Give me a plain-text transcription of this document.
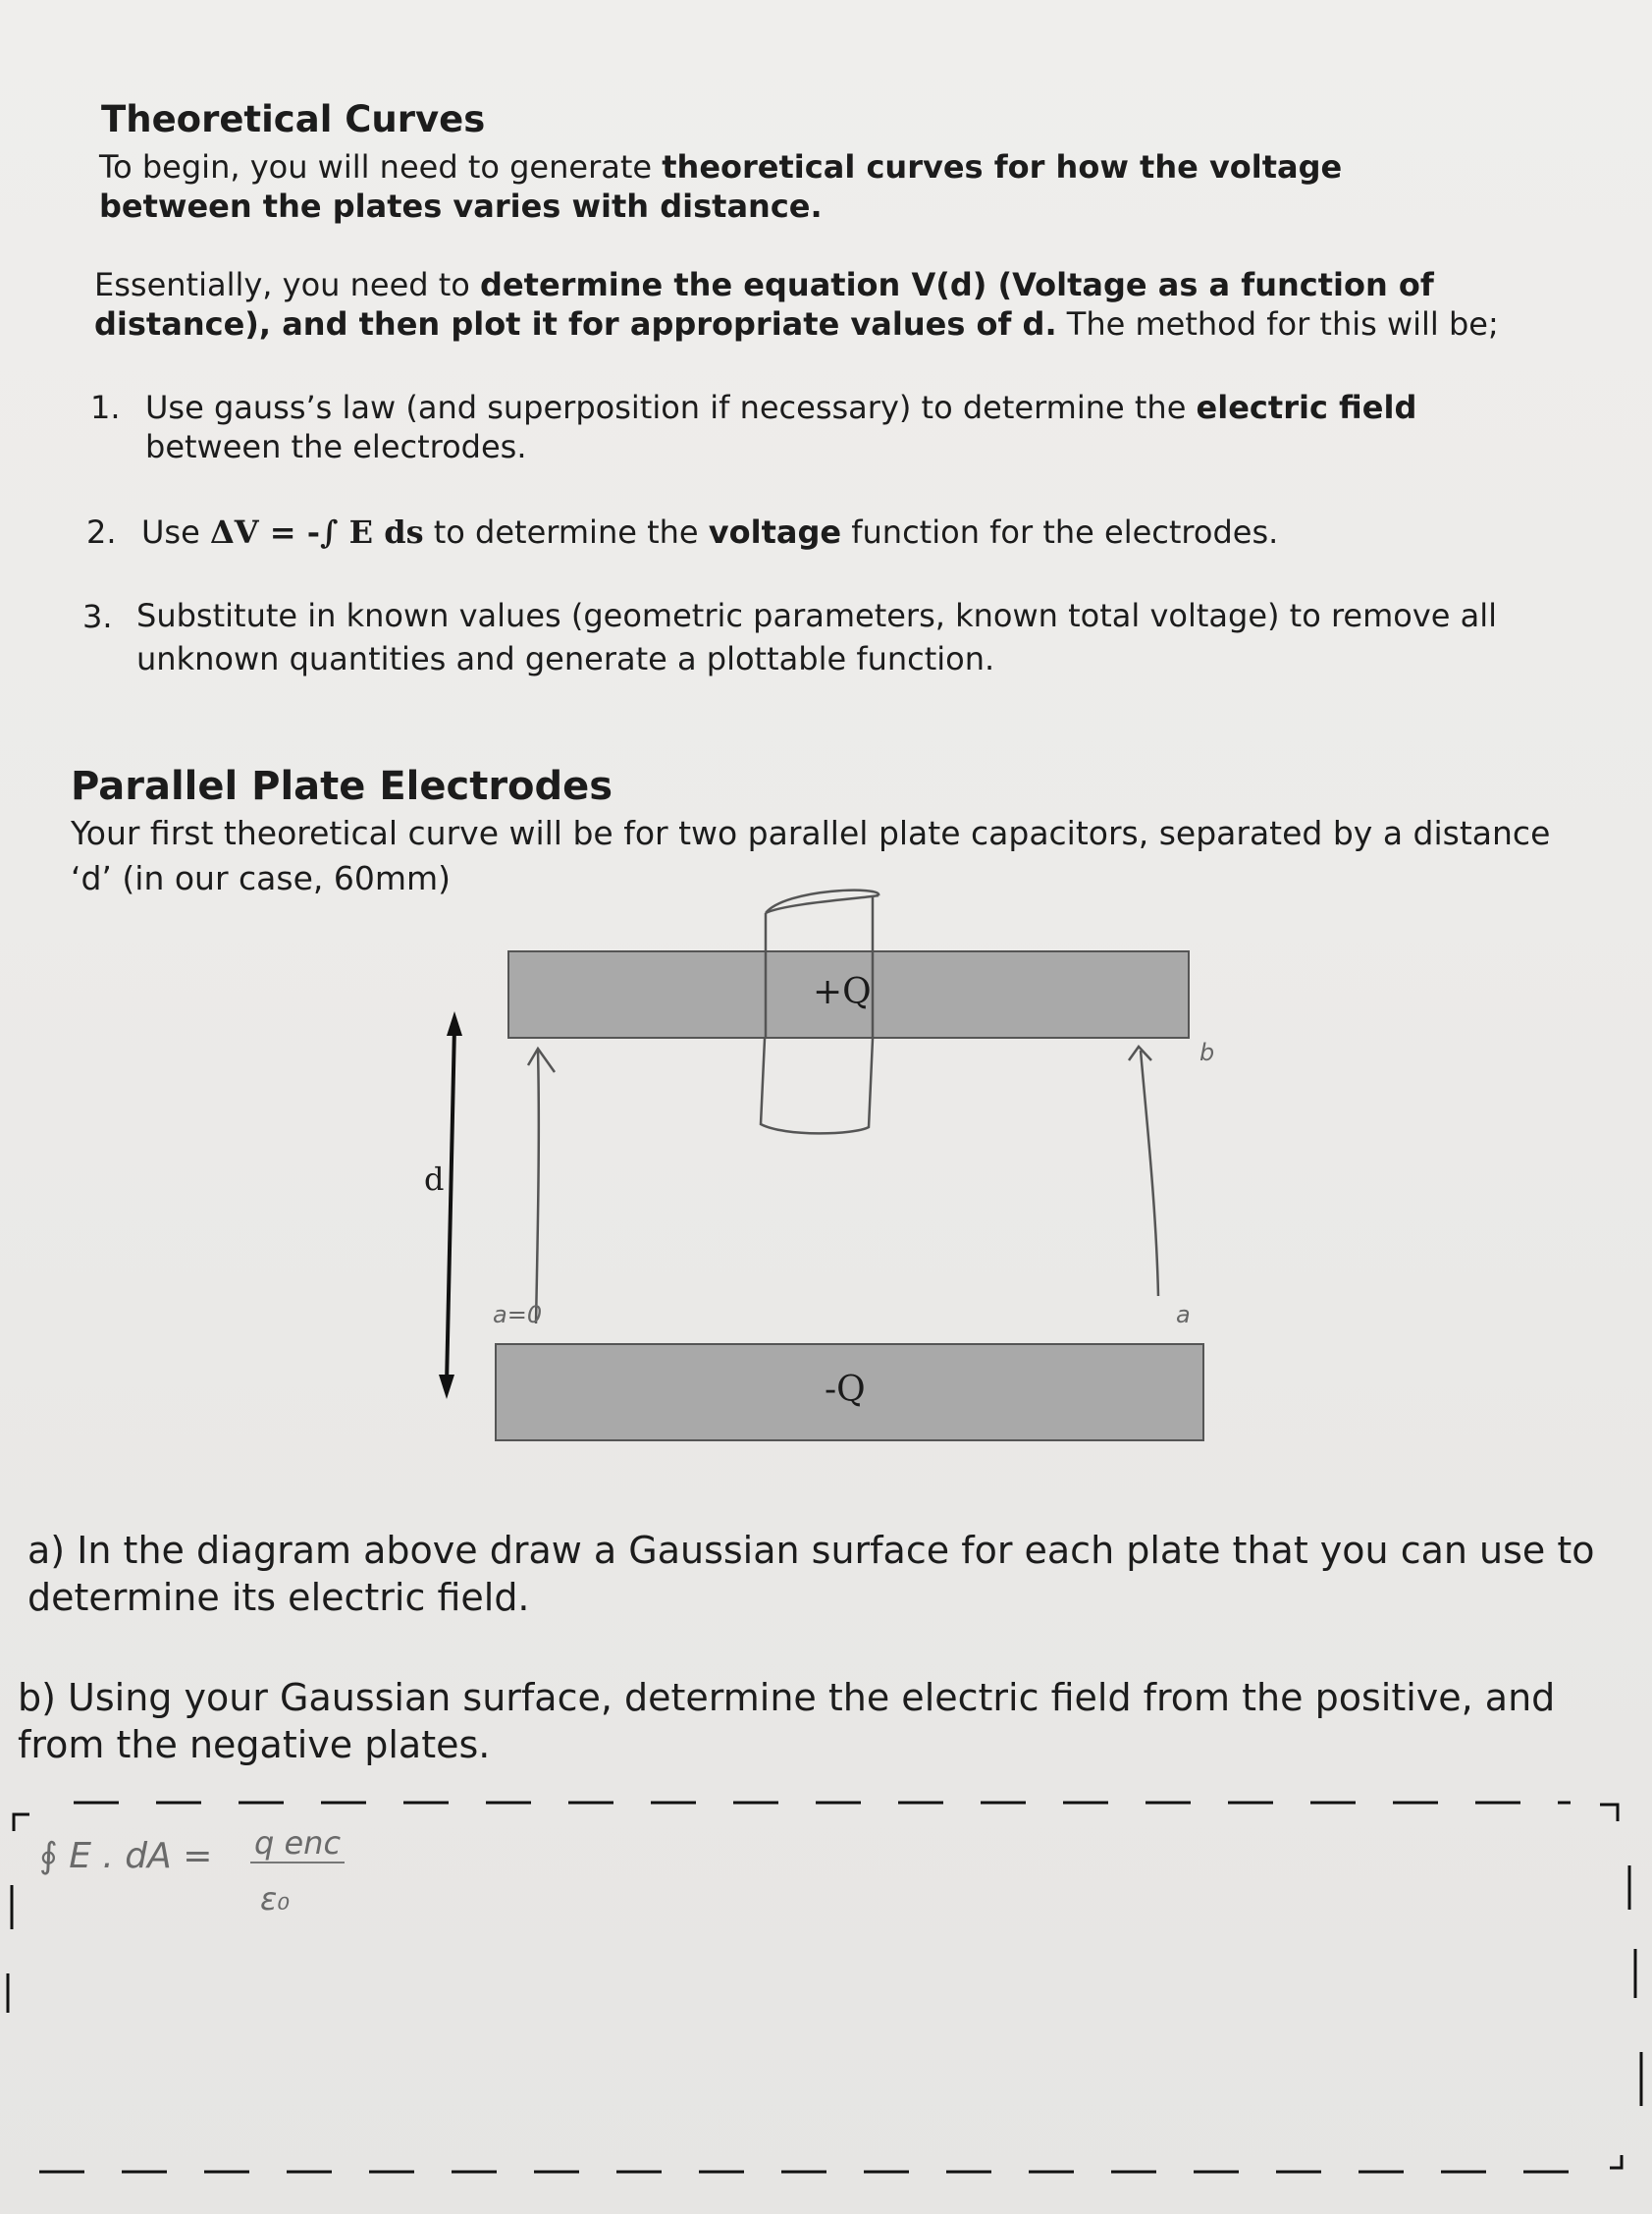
Theoretical Curves
To begin, you will need to generate theoretical curves for how the voltage between the plates varies with distance.
Essentially, you need to determine the equation V(d) (Voltage as a function of distance), and then plot it for appropriate values of d. The method for this will be;
1. Use gauss’s law (and superposition if necessary) to determine the electric field between the electrodes.
2. Use ΔV = -∫ E ds to determine the voltage function for the electrodes.
3. Substitute in known values (geometric parameters, known total voltage) to remove all unknown quantities and generate a plottable function.
Parallel Plate Electrodes
Your first theoretical curve will be for two parallel plate capacitors, separated by a distance ‘d’ (in our case, 60mm)
+Q
-Q
d
b
a=0	a
a) In the diagram above draw a Gaussian surface for each plate that you can use to determine its electric field.
b) Using your Gaussian surface, determine the electric field from the positive, and from the negative plates.
∮ E . dA = q enc
ε₀
